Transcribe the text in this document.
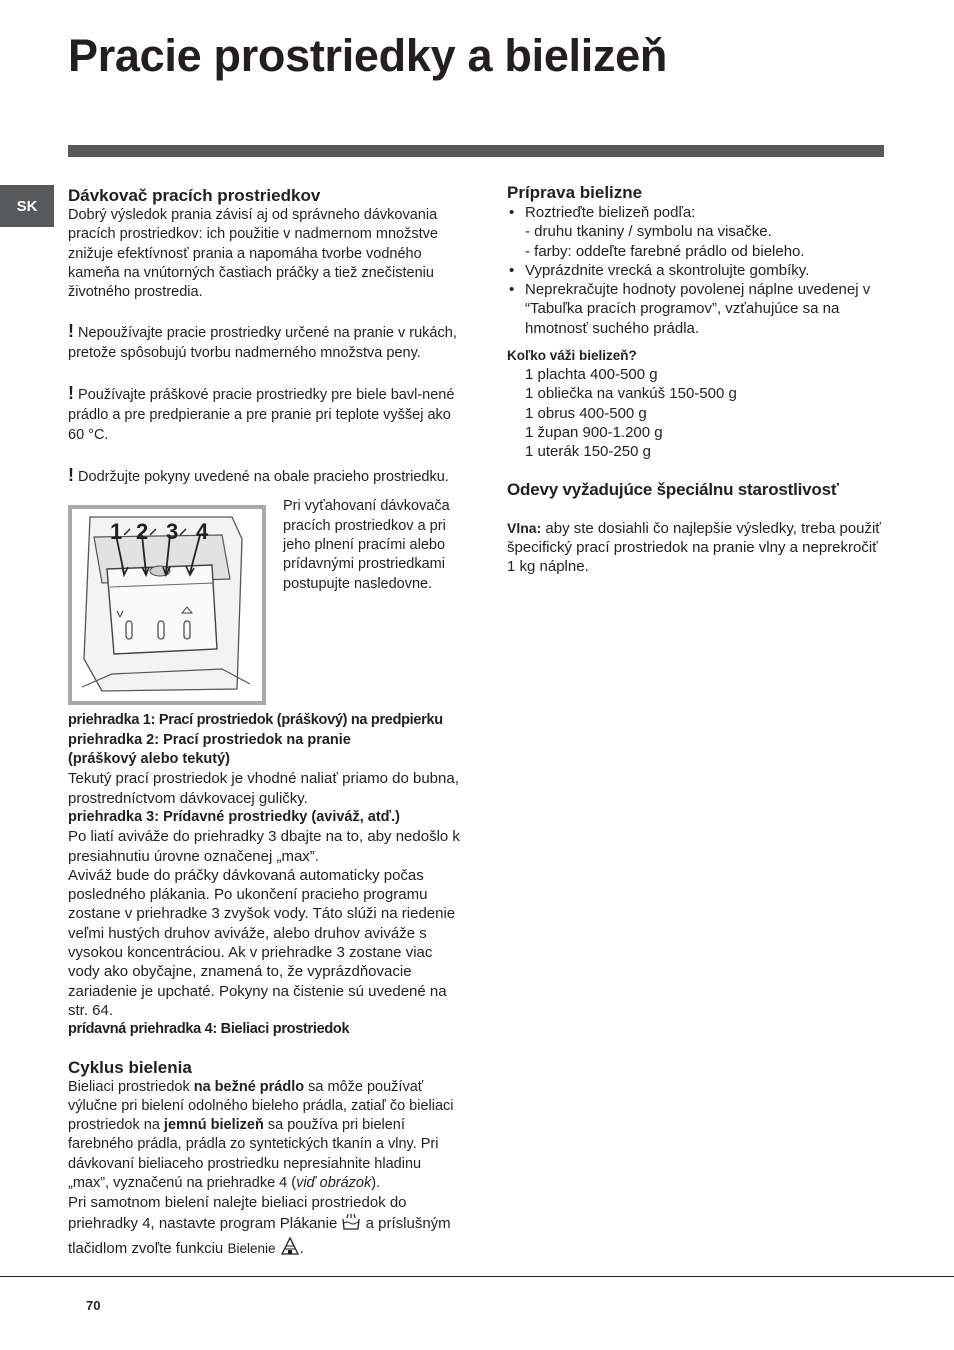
Pracie prostriedky a bielizeň
SK
Dávkovač pracích prostriedkov

Dobrý výsledok prania závisí aj od správneho dávkovania pracích prostriedkov: ich použitie v nadmernom množstve znižuje efektívnosť prania a napomáha tvorbe vodného kameňa na vnútorných častiach práčky a tiež znečisteniu životného prostredia.

! Nepoužívajte pracie prostriedky určené na pranie v rukách, pretože spôsobujú tvorbu nadmerného množstva peny.

! Používajte práškové pracie prostriedky pre biele bavl-nené prádlo a pre predpieranie a pre pranie pri teplote vyššej ako 60 °C.

! Dodržujte pokyny uvedené na obale pracieho prostriedku.

1 2 3 4

Pri vyťahovaní dávkovača pracích prostriedkov a pri jeho plnení pracími alebo prídavnými prostriedkami postupujte nasledovne.

priehradka 1: Prací prostriedok (práškový) na predpierku

priehradka 2: Prací prostriedok na pranie

(práškový alebo tekutý)

Tekutý prací prostriedok je vhodné naliať priamo do bubna, prostredníctvom dávkovacej guličky.

priehradka 3: Prídavné prostriedky (aviváž, atď.)

Po liatí aviváže do priehradky 3 dbajte na to, aby nedošlo k presiahnutiu úrovne označenej „max”.

Aviváž bude do práčky dávkovaná automaticky počas posledného plákania. Po ukončení pracieho programu zostane v priehradke 3 zvyšok vody. Táto slúži na riedenie veľmi hustých druhov aviváže, alebo druhov aviváže s vysokou koncentráciou. Ak v priehradke 3 zostane viac vody ako obyčajne, znamená to, že vyprázdňovacie zariadenie je upchaté. Pokyny na čistenie sú uvedené na str. 64.

prídavná priehradka 4: Bieliaci prostriedok

Cyklus bielenia

Bieliaci prostriedok na bežné prádlo sa môže používať výlučne pri bielení odolného bieleho prádla, zatiaľ čo bieliaci prostriedok na jemnú bielizeň sa používa pri bielení farebného prádla, prádla zo syntetických tkanín a vlny. Pri dávkovaní bieliaceho prostriedku nepresiahnite hladinu „max”, vyznačenú na priehradke 4 (viď obrázok).

Pri samotnom bielení nalejte bieliaci prostriedok do priehradky 4, nastavte program Plákanie  a príslušným tlačidlom zvoľte funkciu Bielenie .

Príprava bielizne
• Roztrieďte bielizeň podľa:

- druhu tkaniny / symbolu na visačke.

- farby: oddeľte farebné prádlo od bieleho.

• Vyprázdnite vrecká a skontrolujte gombíky.
• Neprekračujte hodnoty povolenej náplne uvedenej v “Tabuľka pracích programov”, vzťahujúce sa na hmotnosť suchého prádla.

Koľko váži bielizeň?

1 plachta 400-500 g

1 obliečka na vankúš 150-500 g

1 obrus 400-500 g

1 župan 900-1.200 g

1 uterák 150-250 g

Odevy vyžadujúce špeciálnu starostlivosť

Vlna: aby ste dosiahli čo najlepšie výsledky, treba použiť špecifický prací prostriedok na pranie vlny a neprekročiť 1 kg náplne.

70
